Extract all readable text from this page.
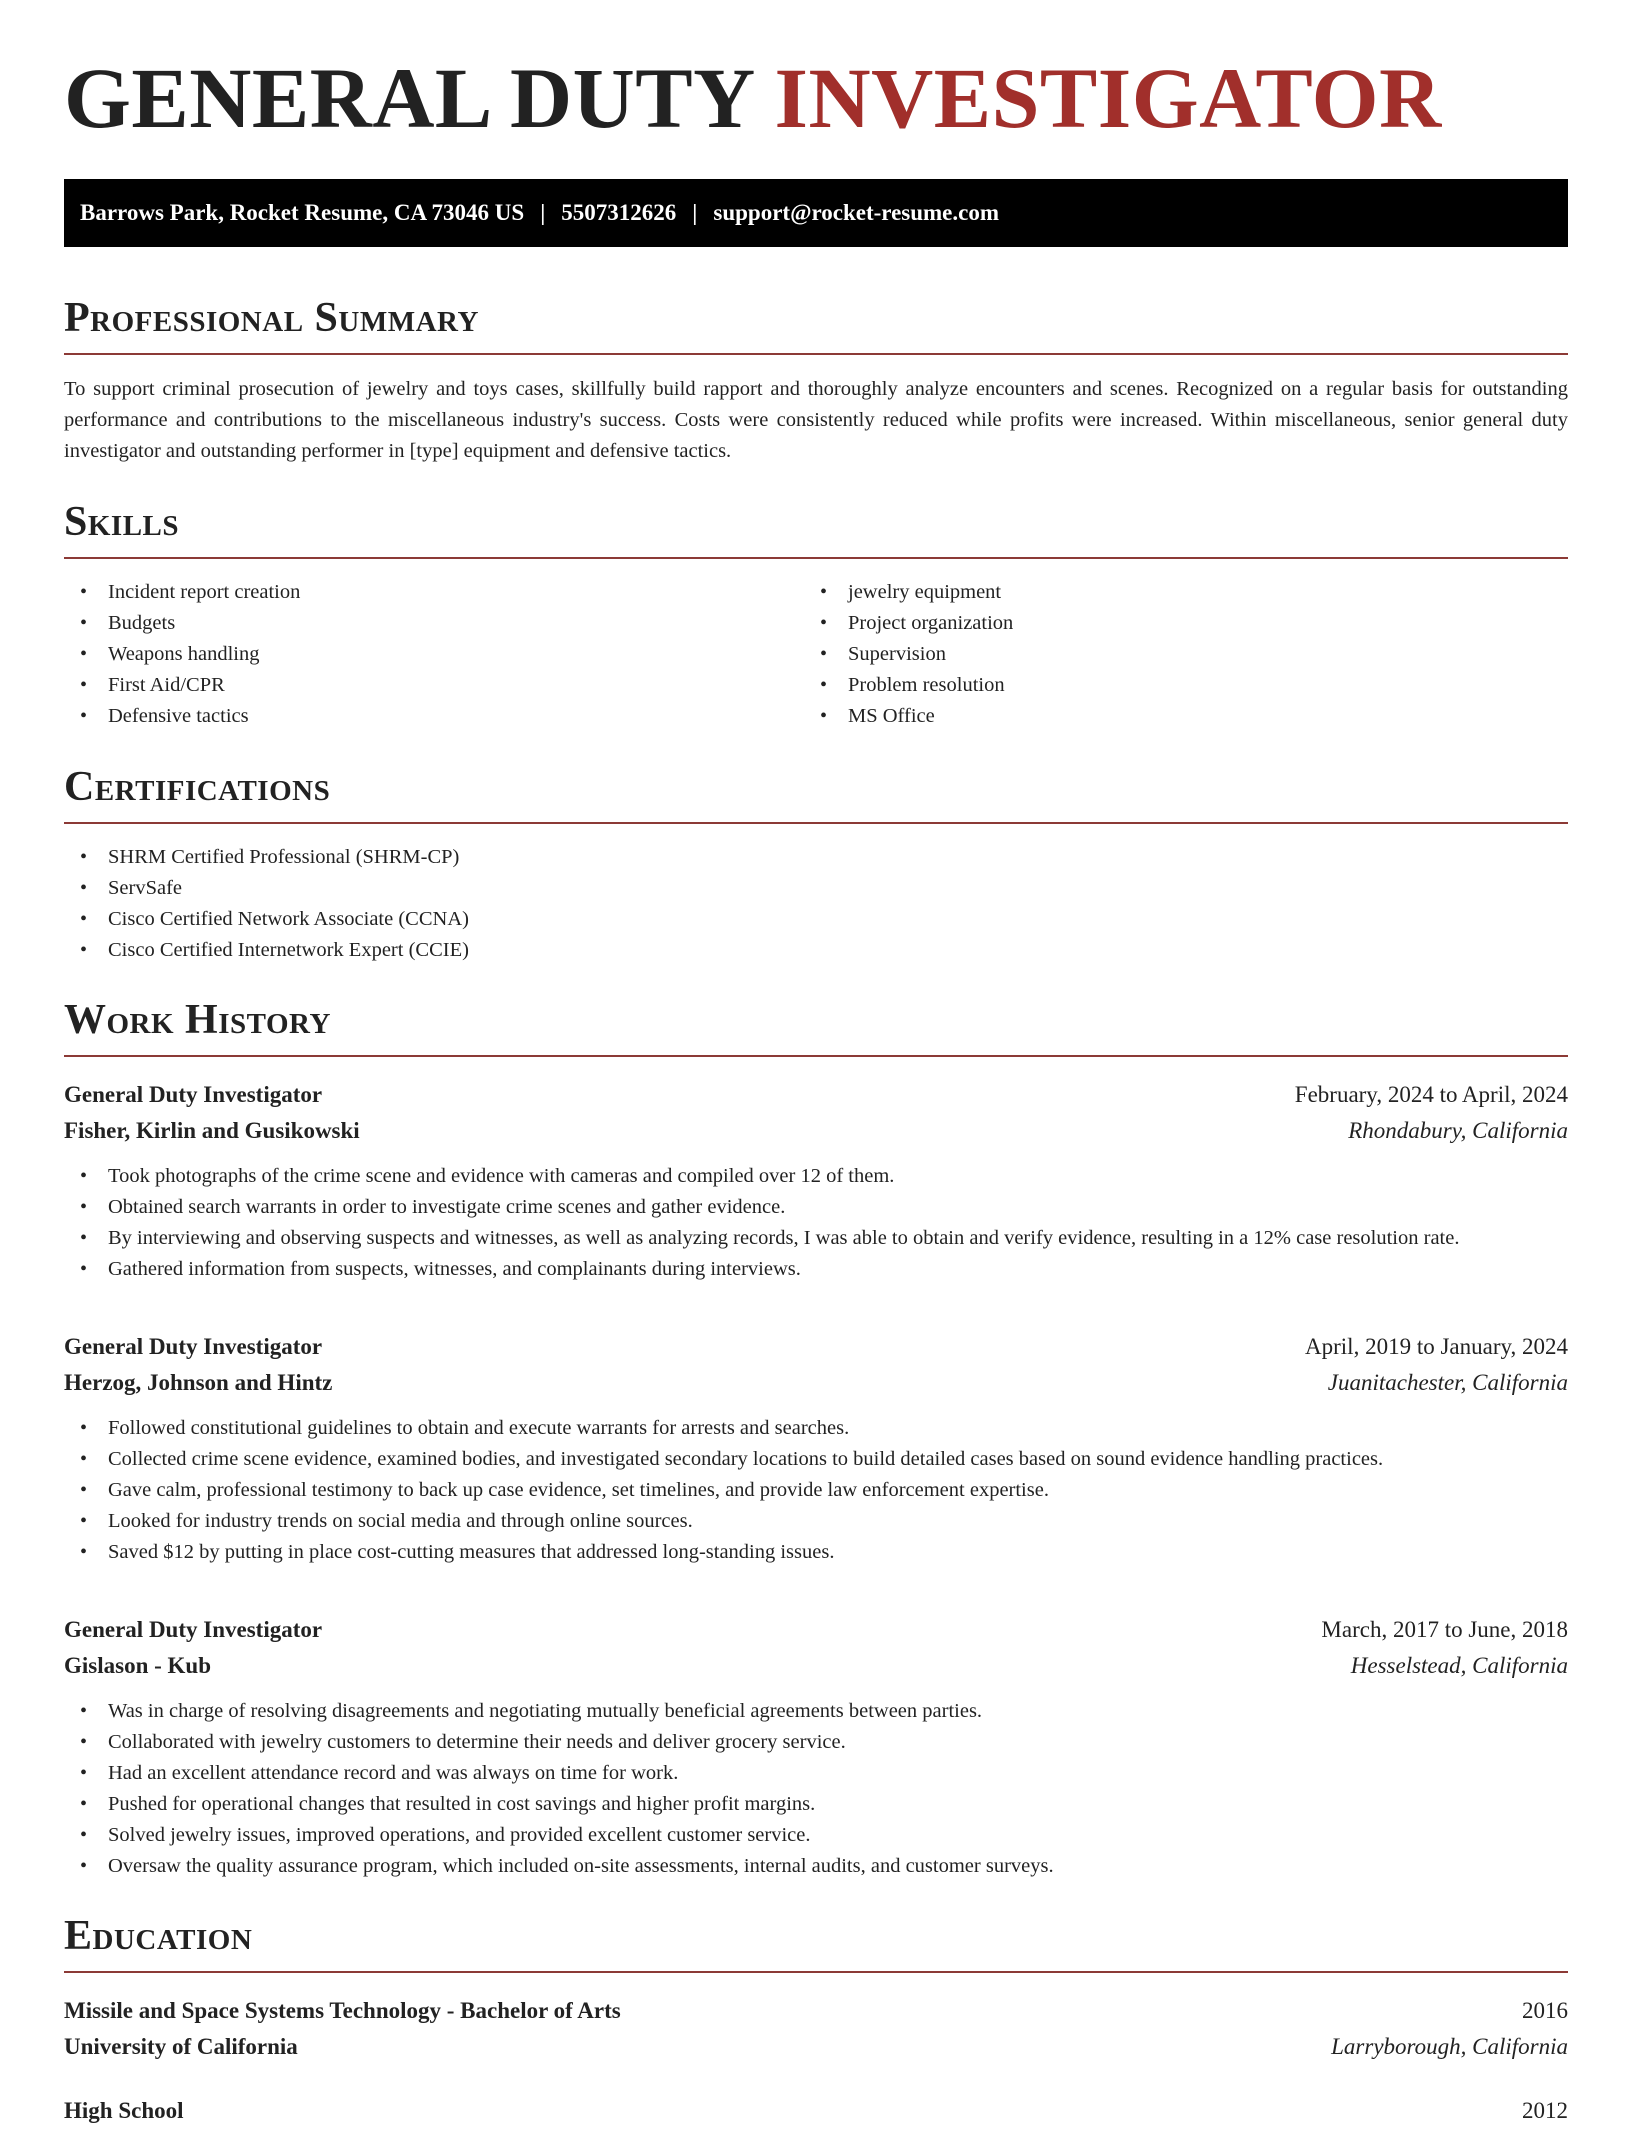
GENERAL DUTY INVESTIGATOR
Barrows Park, Rocket Resume, CA 73046 US | 5507312626 | support@rocket-resume.com
Professional Summary

To support criminal prosecution of jewelry and toys cases, skillfully build rapport and thoroughly analyze encounters and scenes. Recognized on a regular basis for outstanding performance and contributions to the miscellaneous industry's success. Costs were consistently reduced while profits were increased. Within miscellaneous, senior general duty investigator and outstanding performer in [type] equipment and defensive tactics.

Skills
• Incident report creation
• Budgets
• Weapons handling
• First Aid/CPR
• Defensive tactics
• jewelry equipment
• Project organization
• Supervision
• Problem resolution
• MS Office
Certifications
• SHRM Certified Professional (SHRM-CP)
• ServSafe
• Cisco Certified Network Associate (CCNA)
• Cisco Certified Internetwork Expert (CCIE)
Work History
General Duty Investigator	February, 2024 to April, 2024
Fisher, Kirlin and Gusikowski	Rhondabury, California
• Took photographs of the crime scene and evidence with cameras and compiled over 12 of them.
• Obtained search warrants in order to investigate crime scenes and gather evidence.
• By interviewing and observing suspects and witnesses, as well as analyzing records, I was able to obtain and verify evidence, resulting in a 12% case resolution rate.
• Gathered information from suspects, witnesses, and complainants during interviews.
General Duty Investigator	April, 2019 to January, 2024
Herzog, Johnson and Hintz	Juanitachester, California
• Followed constitutional guidelines to obtain and execute warrants for arrests and searches.
• Collected crime scene evidence, examined bodies, and investigated secondary locations to build detailed cases based on sound evidence handling practices.
• Gave calm, professional testimony to back up case evidence, set timelines, and provide law enforcement expertise.
• Looked for industry trends on social media and through online sources.
• Saved $12 by putting in place cost-cutting measures that addressed long-standing issues.
General Duty Investigator	March, 2017 to June, 2018
Gislason - Kub	Hesselstead, California
• Was in charge of resolving disagreements and negotiating mutually beneficial agreements between parties.
• Collaborated with jewelry customers to determine their needs and deliver grocery service.
• Had an excellent attendance record and was always on time for work.
• Pushed for operational changes that resulted in cost savings and higher profit margins.
• Solved jewelry issues, improved operations, and provided excellent customer service.
• Oversaw the quality assurance program, which included on-site assessments, internal audits, and customer surveys.
Education
Missile and Space Systems Technology - Bachelor of Arts	2016
University of California	Larryborough, California
High School	2012
